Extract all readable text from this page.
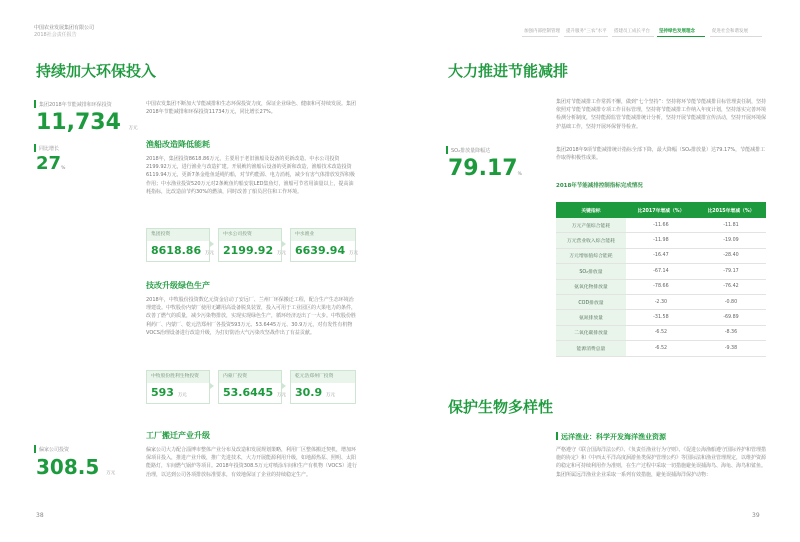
中国农业发展集团有限公司
2018社会责任报告
加强内部控制管理 提升服务“三农”水平 搭建员工成长平台 坚持绿色发展理念	促进社会和谐发展
持续加大环保投入
集团2018年节能减排和环保投资
11,734 万元
同比增长
27%
中国农发集团不断加大节能减排和生态环保投资力度，保证企业绿色、健康和可持续发展。集团2018年节能减排和环保投资11734万元，同比增长27%。
渔船改造降低能耗
2018年，集团投资8618.86万元，主要用于老旧渔船及设备的更新改造。中水公司投资2199.92万元，进行渔业与改造扩建。开展鱿钓渔船后设备的更新和改造，渔船技术改造投资6119.94万元，更新7条金枪鱼延绳钓船，对节约能源、电力消耗，减少有害气体排放发挥积极作用；中水渔业投资520万元对2条鱿鱼钓船安装LED集鱼灯，渔船可节省用油量以上，提高油耗指标，比改造前节约30%的燃油，同时改善了船员居住和工作环境。
集团投资
8618.86 万元
中水公司投资
2199.92 万元
中水渔业
6639.94 万元
技改升级绿色生产
2018年，中牧股份投资数亿元资金启动了安远厂、兰州厂环保搬迁工程，配合生产生态环境治理建设。中牧股份内蒙厂使用无罐用高设备脱臭装置，投入可用于工业园区的大果电力的条件，改善了燃气的质量，减少污染物排放，实现实现绿色生产，循环经济迈出了一大步。中牧股份胜利药厂、内蒙厂、乾元浩郑州厂各投资593万元、53.6445万元、30.9万元，对有发性有机物VOCS治理设备进行改造升级，为打好防治大气污染攻坚战作出了有益贡献。
中牧股份胜利生物投资
593 万元
内蒙厂投资
53.6445 万元
乾元浩郑州厂投资
30.9 万元
工厂搬迁产业升级
偏家公司投资
308.5 万元
偏家公司大力配合淄博市整体产业分布及改造和发展规划策略，利用厂区整体搬迁契机，增加环保项目投入，推进产业升级，推广先进技术，大力开展能源利用升级，如地源热泵、照明、太阳能路灯，车间燃气锅炉等项目。2018年投资308.5万元对喷涂车间和生产有机物（VOCS）进行治理，以达到公司各项排放标准要求，有效地保证了企业的持续稳定生产。
38
大力推进节能减排
集团对节能减排工作常抓不懈，做到“七个坚持”：坚持将环节能节能减排目标管理责任制，坚持依照对节能节能减排专项工作目标管理，坚持将节能减排工作纳入年度计划，坚持落实完善环境检测分析制度，坚持能源监管节能减排统计分析，坚持开展节能减排宣传活动，坚持开展环境保护基础工作，坚持开展环保督导检查。
SO₂排放量降幅达
79.17%
集团2018年9项节能减排统计指标全部下降，最大降幅（SO₂排放量）达79.17%，节能减排工作取得积极性成果。
2018年节能减排控制指标完成情况
关键指标	比2017年增减（%）	比2015年增减（%）
万元产值综合能耗	-11.66	-11.81
万元营业收入综合能耗	-11.98	-19.09
万元增加值综合能耗	-16.47	-28.40
SO₂排放量	-67.14	-79.17
氨氧化物排放量	-78.66	-76.42
COD排放量	-2.30	-0.80
氨氮排放量	-31.58	-69.89
二氧化碳排放量	-6.52	-8.36
能源消费总量	-6.52	-9.38
保护生物多样性
远洋渔业：科学开发海洋渔业资源
严格遵守《联合国海洋法公约》、《负责任渔业行为守则》、《促进公海渔船遵守国际养护和管理措施的协定》和《中西太平洋高度洄游鱼类保护管理公约》等国际法和渔业管理规定，以维护资源的稳定和可持续利用作为准则，在生产过程中采取一切措施避免误捕海鸟、海龟、海鸟和鲨鱼。集团所属远洋渔业企业采取一系列有效措施，避免误捕海洋保护动物：
39
